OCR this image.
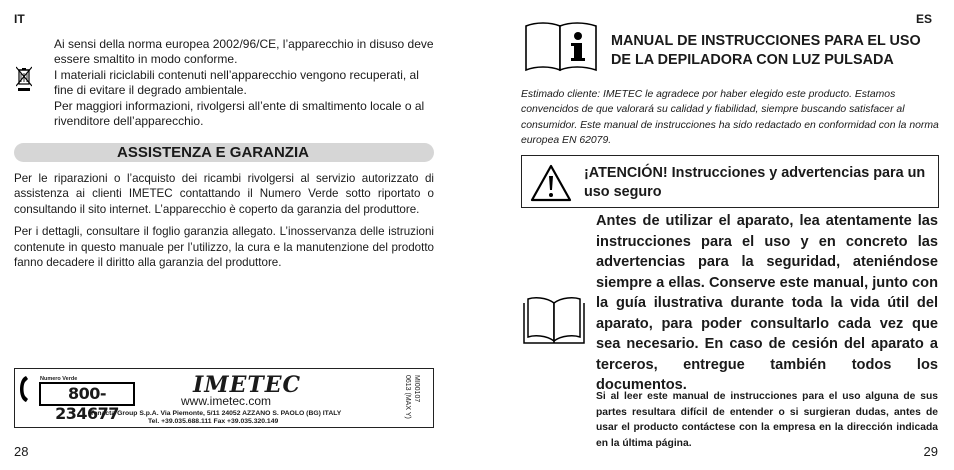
IT

Ai sensi della norma europea 2002/96/CE, l’apparecchio in disuso deve essere smaltito in modo conforme.

I materiali riciclabili contenuti nell’apparecchio vengono recuperati, al fine di evitare il degrado ambientale.

Per maggiori informazioni, rivolgersi all’ente di smaltimento locale o al rivenditore dell’apparecchio.

ASSISTENZA E GARANZIA

Per le riparazioni o l’acquisto dei ricambi rivolgersi al servizio autorizzato di assistenza ai clienti IMETEC contattando il Numero Verde sotto riportato o consultando il sito internet. L’apparecchio è coperto da garanzia del produttore.

Per i dettagli, consultare il foglio garanzia allegato. L’inosservanza delle istruzioni contenute in questo manuale per l’utilizzo, la cura e la manutenzione del prodotto fanno decadere il diritto alla garanzia del produttore.

Numero Verde
800-234677
IMETEC
www.imetec.com
Tenacta Group S.p.A. Via Piemonte, 5/11 24052 AZZANO S. PAOLO (BG) ITALY
Tel. +39.035.688.111 Fax +39.035.320.149
MI00107
0613 (MAX Y)
28
ES
MANUAL DE INSTRUCCIONES PARA EL USO DE LA DEPILADORA CON LUZ PULSADA
Estimado cliente: IMETEC le agradece por haber elegido este producto. Estamos convencidos de que valorará su calidad y fiabilidad, siempre buscando satisfacer al consumidor. Este manual de instrucciones ha sido redactado en conformidad con la norma europea EN 62079.
¡ATENCIÓN! Instrucciones y advertencias para un uso seguro
Antes de utilizar el aparato, lea atentamente las instrucciones para el uso y en concreto las advertencias para la seguridad, ateniéndose siempre a ellas. Conserve este manual, junto con la guía ilustrativa durante toda la vida útil del aparato, para poder consultarlo cada vez que sea necesario. En caso de cesión del aparato a terceros, entregue también todos los documentos.
Si al leer este manual de instrucciones para el uso alguna de sus partes resultara difícil de entender o si surgieran dudas, antes de usar el producto contáctese con la empresa en la dirección indicada en la última página.
29
